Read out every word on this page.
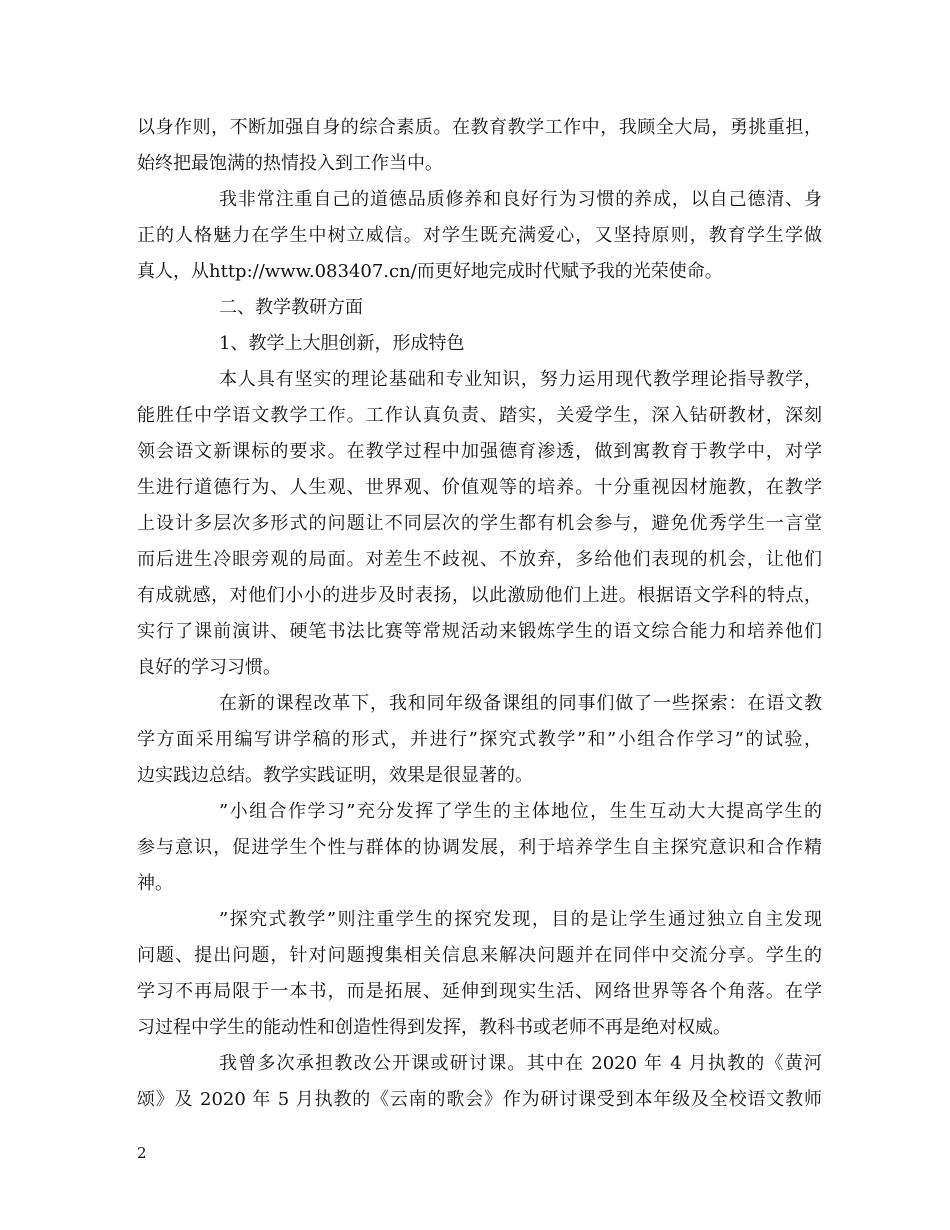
以身作则，不断加强自身的综合素质。在教育教学工作中，我顾全大局，勇挑重担，
始终把最饱满的热情投入到工作当中。
我非常注重自己的道德品质修养和良好行为习惯的养成，以自己德清、身
正的人格魅力在学生中树立威信。对学生既充满爱心，又坚持原则，教育学生学做
真人，从http://www.083407.cn/而更好地完成时代赋予我的光荣使命。
二、教学教研方面
1、教学上大胆创新，形成特色
本人具有坚实的理论基础和专业知识，努力运用现代教学理论指导教学，
能胜任中学语文教学工作。工作认真负责、踏实，关爱学生，深入钻研教材，深刻
领会语文新课标的要求。在教学过程中加强德育渗透，做到寓教育于教学中，对学
生进行道德行为、人生观、世界观、价值观等的培养。十分重视因材施教，在教学
上设计多层次多形式的问题让不同层次的学生都有机会参与，避免优秀学生一言堂
而后进生冷眼旁观的局面。对差生不歧视、不放弃，多给他们表现的机会，让他们
有成就感，对他们小小的进步及时表扬，以此激励他们上进。根据语文学科的特点，
实行了课前演讲、硬笔书法比赛等常规活动来锻炼学生的语文综合能力和培养他们
良好的学习习惯。
在新的课程改革下，我和同年级备课组的同事们做了一些探索：在语文教
学方面采用编写讲学稿的形式，并进行”探究式教学”和”小组合作学习”的试验，
边实践边总结。教学实践证明，效果是很显著的。
”小组合作学习”充分发挥了学生的主体地位，生生互动大大提高学生的
参与意识，促进学生个性与群体的协调发展，利于培养学生自主探究意识和合作精
神。
”探究式教学”则注重学生的探究发现，目的是让学生通过独立自主发现
问题、提出问题，针对问题搜集相关信息来解决问题并在同伴中交流分享。学生的
学习不再局限于一本书，而是拓展、延伸到现实生活、网络世界等各个角落。在学
习过程中学生的能动性和创造性得到发挥，教科书或老师不再是绝对权威。
我曾多次承担教改公开课或研讨课。其中在 2020 年 4 月执教的《黄河
颂》及 2020 年 5 月执教的《云南的歌会》作为研讨课受到本年级及全校语文教师
2
